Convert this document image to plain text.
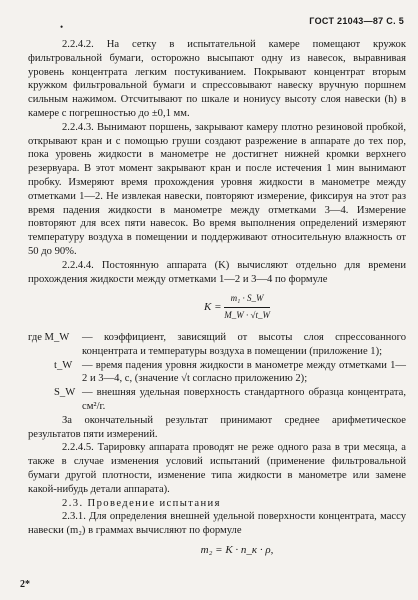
•
ГОСТ 21043—87 С. 5

2.2.4.2. На сетку в испытательной камере помещают кружок фильтровальной бумаги, осторожно высыпают одну из навесок, выравнивая уровень концентрата легким постукиванием. Покрывают концентрат вторым кружком фильтровальной бумаги и спрессовывают навеску вручную поршнем сильным нажимом. Отсчитывают по шкале и нониусу высоту слоя навески (h) в камере с погрешностью до ±0,1 мм.

2.2.4.3. Вынимают поршень, закрывают камеру плотно резиновой пробкой, открывают кран и с помощью груши создают разрежение в аппарате до тех пор, пока уровень жидкости в манометре не достигнет нижней кромки верхнего резервуара. В этот момент закрывают кран и после истечения 1 мин вынимают пробку. Измеряют время прохождения уровня жидкости в манометре между отметками 1—2. Не извлекая навески, повторяют измерение, фиксируя на этот раз время падения жидкости в манометре между отметками 3—4. Измерение повторяют для всех пяти навесок. Во время выполнения определений измеряют температуру воздуха в помещении и поддерживают относительную влажность от 50 до 90%.

2.2.4.4. Постоянную аппарата (K) вычисляют отдельно для времени прохождения жидкости между отметками 1—2 и 3—4 по формуле

$K = \frac{\text{m₁ · S\_W}}{M\_W \cdot √t\_W}$
где M_W	— коэффициент, зависящий от высоты слоя спрессованного концентрата и температуры воздуха в помещении (приложение 1);
t_W — время падения уровня жидкости в манометре между отметками 1—2 и 3—4, с, (значение √t согласно приложению 2);
S_W — внешняя удельная поверхность стандартного образца концентрата, см²/г.

За окончательный результат принимают среднее арифметическое результатов пяти измерений.

2.2.4.5. Тарировку аппарата проводят не реже одного раза в три месяца, а также в случае изменения условий испытаний (применение фильтровальной бумаги другой плотности, изменение типа жидкости в манометре или замене какой-нибудь детали аппарата).

2.3. Проведение испытания

2.3.1. Для определения внешней удельной поверхности концентрата, массу навески (m₂) в граммах вычисляют по формуле

m₂ = K · n_к · ρ,
2*
